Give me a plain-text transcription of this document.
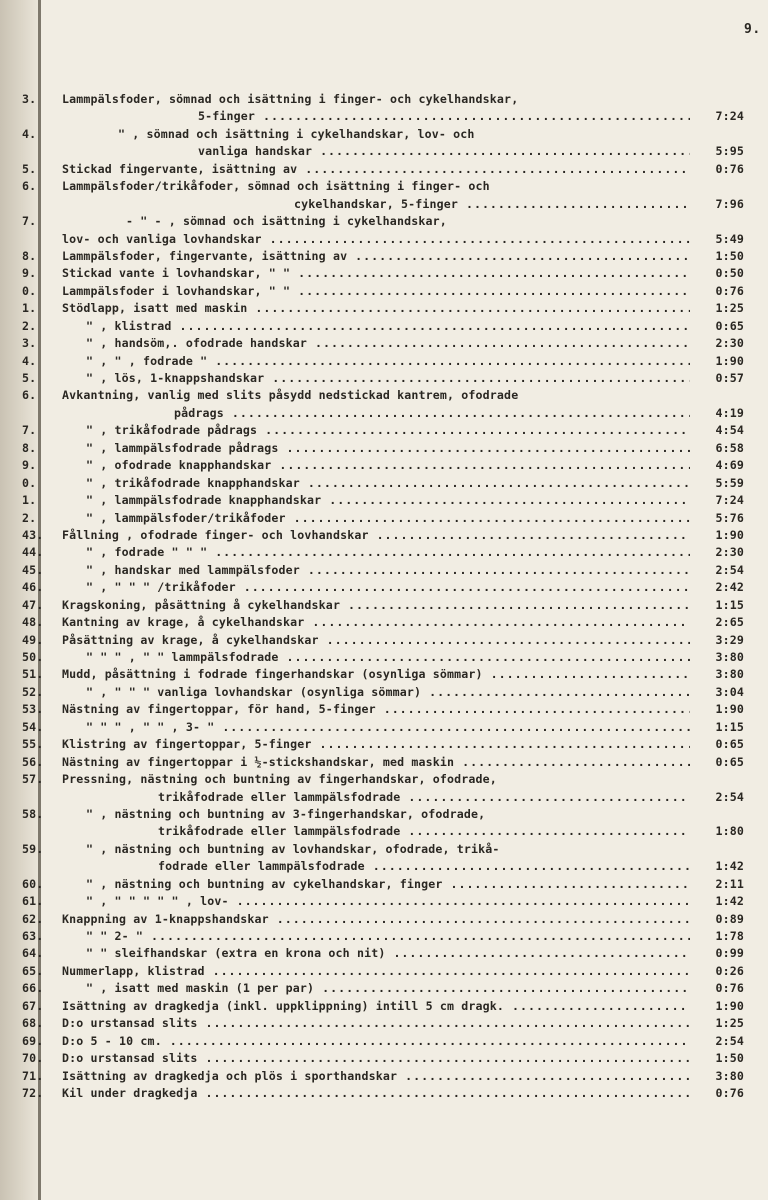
9.
3.	Lammpälsfoder, sömnad och isättning i finger- och cykelhandskar,
5-finger .....	7:24
4.	" , sömnad och isättning i cykelhandskar, lov- och
vanliga handskar .....	5:95
5.	Stickad fingervante, isättning av .....	0:76
6.	Lammpälsfoder/trikåfoder, sömnad och isättning i finger- och
cykelhandskar, 5-finger .....	7:96
7.	- " - , sömnad och isättning i cykelhandskar,
lov- och vanliga lovhandskar .....	5:49
8.	Lammpälsfoder, fingervante, isättning av .....	1:50
9.	Stickad vante i lovhandskar, " " .....	0:50
0.	Lammpälsfoder i lovhandskar, " " .....	0:76
1.	Stödlapp, isatt med maskin .....	1:25
2.	" , klistrad .....	0:65
3.	" , handsöm,. ofodrade handskar .....	2:30
4.	" , " , fodrade " .....	1:90
5.	" , lös, 1-knappshandskar .....	0:57
6.	Avkantning, vanlig med slits påsydd nedstickad kantrem, ofodrade
pådrags .....	4:19
7.	" , trikåfodrade pådrags .....	4:54
8.	" , lammpälsfodrade pådrags .....	6:58
9.	" , ofodrade knapphandskar .....	4:69
0.	" , trikåfodrade knapphandskar .....	5:59
1.	" , lammpälsfodrade knapphandskar .....	7:24
2.	" , lammpälsfoder/trikåfoder .....	5:76
43.	Fållning , ofodrade finger- och lovhandskar .....	1:90
44.	" , fodrade " " " .....	2:30
45.	" , handskar med lammpälsfoder .....	2:54
46.	" , " " " /trikåfoder .....	2:42
47.	Kragskoning, påsättning å cykelhandskar .....	1:15
48.	Kantning av krage, å cykelhandskar .....	2:65
49.	Påsättning av krage, å cykelhandskar .....	3:29
50.	" " " , " " lammpälsfodrade .....	3:80
51.	Mudd, påsättning i fodrade fingerhandskar (osynliga sömmar) .....	3:80
52.	" , " " " vanliga lovhandskar (osynliga sömmar) .....	3:04
53.	Nästning av fingertoppar, för hand, 5-finger .....	1:90
54.	" " " , " " , 3- " .....	1:15
55.	Klistring av fingertoppar, 5-finger .....	0:65
56.	Nästning av fingertoppar i ½-stickshandskar, med maskin .....	0:65
57.	Pressning, nästning och buntning av fingerhandskar, ofodrade,
trikåfodrade eller lammpälsfodrade .....	2:54
58.	" , nästning och buntning av 3-fingerhandskar, ofodrade,
trikåfodrade eller lammpälsfodrade .....	1:80
59.	" , nästning och buntning av lovhandskar, ofodrade, trikå-
fodrade eller lammpälsfodrade .....	1:42
60.	" , nästning och buntning av cykelhandskar, finger .....	2:11
61.	" , " " " " " , lov- .....	1:42
62.	Knappning av 1-knappshandskar .....	0:89
63.	" " 2- " .....	1:78
64.	" " sleifhandskar (extra en krona och nit) .....	0:99
65.	Nummerlapp, klistrad .....	0:26
66.	" , isatt med maskin (1 per par) .....	0:76
67.	Isättning av dragkedja (inkl. uppklippning) intill 5 cm dragk. .....	1:90
68.	D:o urstansad slits .....	1:25
69.	D:o 5 - 10 cm. .....	2:54
70.	D:o urstansad slits .....	1:50
71.	Isättning av dragkedja och plös i sporthandskar .....	3:80
72.	Kil under dragkedja .....	0:76
